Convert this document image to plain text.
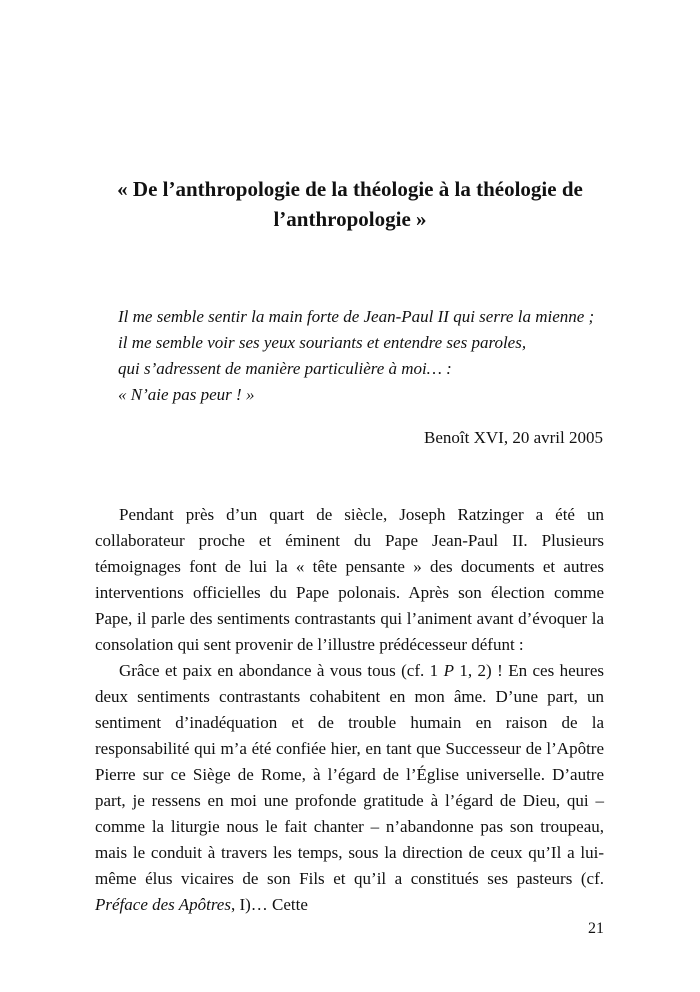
« De l’anthropologie de la théologie à la théologie de
l’anthropologie »
Il me semble sentir la main forte de Jean-Paul II qui serre la mienne ;
il me semble voir ses yeux souriants et entendre ses paroles,
qui s’adressent de manière particulière à moi… :
« N’aie pas peur ! »
Benoît XVI, 20 avril 2005

Pendant près d’un quart de siècle, Joseph Ratzinger a été un collaborateur proche et éminent du Pape Jean-Paul II. Plusieurs témoignages font de lui la « tête pensante » des documents et autres interventions officielles du Pape polonais. Après son élection comme Pape, il parle des sentiments contrastants qui l’animent avant d’évoquer la consolation qui sent provenir de l’illustre prédécesseur défunt :

Grâce et paix en abondance à vous tous (cf. 1 P 1, 2) ! En ces heures deux sentiments contrastants cohabitent en mon âme. D’une part, un sentiment d’inadéquation et de trouble humain en raison de la responsabilité qui m’a été confiée hier, en tant que Successeur de l’Apôtre Pierre sur ce Siège de Rome, à l’égard de l’Église universelle. D’autre part, je ressens en moi une profonde gratitude à l’égard de Dieu, qui – comme la liturgie nous le fait chanter – n’abandonne pas son troupeau, mais le conduit à travers les temps, sous la direction de ceux qu’Il a lui-même élus vicaires de son Fils et qu’il a constitués ses pasteurs (cf. Préface des Apôtres, I)… Cette

21
